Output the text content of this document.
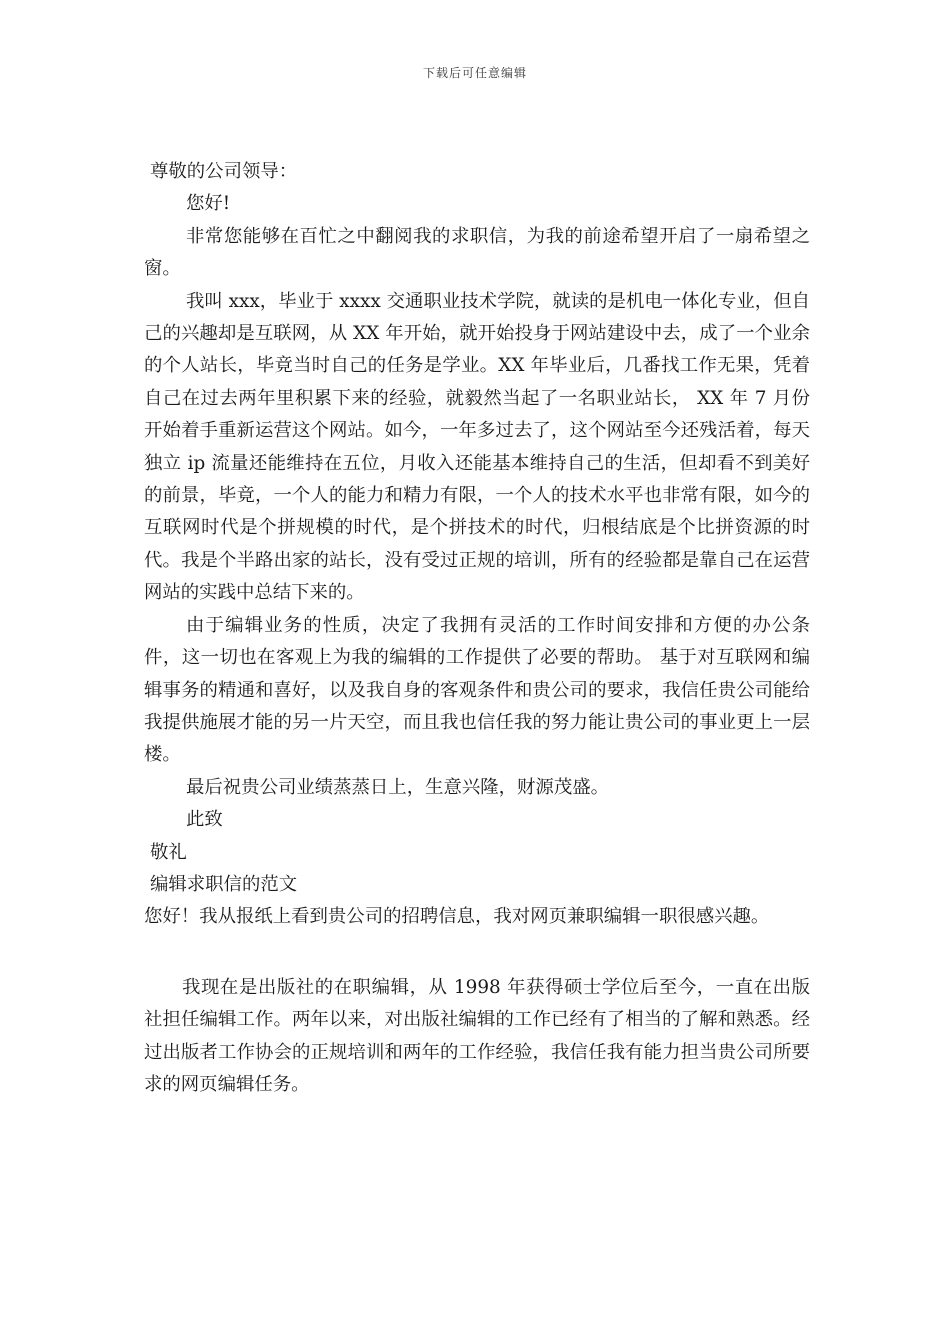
下载后可任意编辑

尊敬的公司领导：

您好!

非常您能够在百忙之中翻阅我的求职信，为我的前途希望开启了一扇希望之窗。

我叫 xxx，毕业于 xxxx 交通职业技术学院，就读的是机电一体化专业，但自己的兴趣却是互联网，从 XX 年开始，就开始投身于网站建设中去，成了一个业余的个人站长，毕竟当时自己的任务是学业。XX 年毕业后，几番找工作无果，凭着自己在过去两年里积累下来的经验，就毅然当起了一名职业站长， XX 年 7 月份开始着手重新运营这个网站。如今，一年多过去了，这个网站至今还残活着，每天独立 ip 流量还能维持在五位，月收入还能基本维持自己的生活，但却看不到美好的前景，毕竟，一个人的能力和精力有限，一个人的技术水平也非常有限，如今的互联网时代是个拼规模的时代，是个拼技术的时代，归根结底是个比拼资源的时代。我是个半路出家的站长，没有受过正规的培训，所有的经验都是靠自己在运营网站的实践中总结下来的。

由于编辑业务的性质，决定了我拥有灵活的工作时间安排和方便的办公条件，这一切也在客观上为我的编辑的工作提供了必要的帮助。 基于对互联网和编辑事务的精通和喜好，以及我自身的客观条件和贵公司的要求，我信任贵公司能给我提供施展才能的另一片天空，而且我也信任我的努力能让贵公司的事业更上一层楼。

最后祝贵公司业绩蒸蒸日上，生意兴隆，财源茂盛。

此致

敬礼

编辑求职信的范文

您好！我从报纸上看到贵公司的招聘信息，我对网页兼职编辑一职很感兴趣。

我现在是出版社的在职编辑，从 1998 年获得硕士学位后至今，一直在出版社担任编辑工作。两年以来，对出版社编辑的工作已经有了相当的了解和熟悉。经过出版者工作协会的正规培训和两年的工作经验，我信任我有能力担当贵公司所要求的网页编辑任务。
